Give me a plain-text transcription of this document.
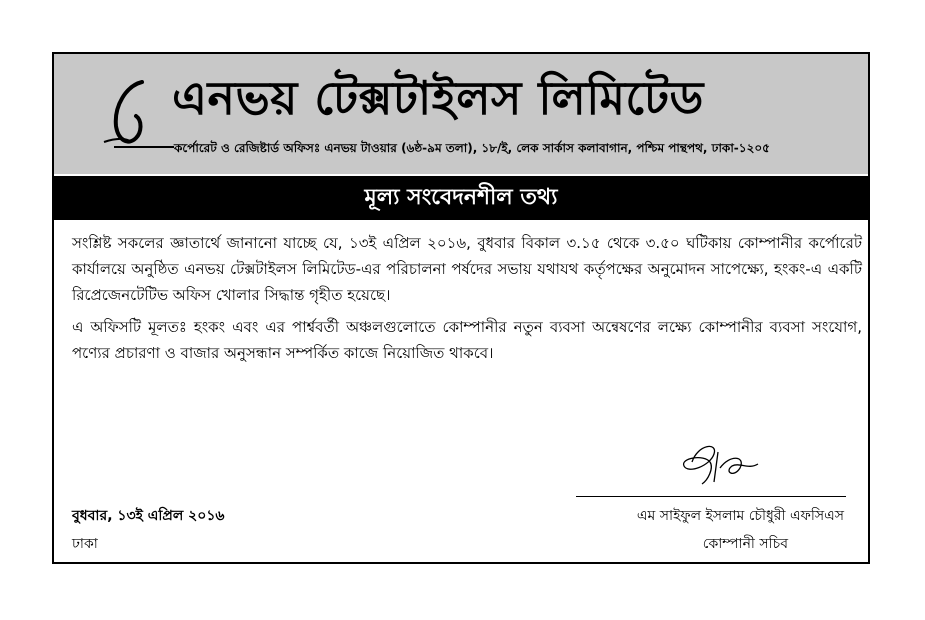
এনভয় টেক্সটাইলস লিমিটেড
কর্পোরেট ও রেজিষ্টার্ড অফিসঃ এনভয় টাওয়ার (৬ষ্ঠ-৯ম তলা), ১৮/ই, লেক সার্কাস কলাবাগান, পশ্চিম পান্থপথ, ঢাকা-১২০৫
মূল্য সংবেদনশীল তথ্য

সংশ্লিষ্ট সকলের জ্ঞাতার্থে জানানো যাচ্ছে যে, ১৩ই এপ্রিল ২০১৬, বুধবার বিকাল ৩.১৫ থেকে ৩.৫০ ঘটিকায় কোম্পানীর কর্পোরেট কার্যালয়ে অনুষ্ঠিত এনভয় টেক্সটাইলস লিমিটেড-এর পরিচালনা পর্ষদের সভায় যথাযথ কর্তৃপক্ষের অনুমোদন সাপেক্ষ্যে, হংকং-এ একটি রিপ্রেজেনটেটিভ অফিস খোলার সিদ্ধান্ত গৃহীত হয়েছে।

এ অফিসটি মূলতঃ হংকং এবং এর পার্শ্ববর্তী অঞ্চলগুলোতে কোম্পানীর নতুন ব্যবসা অন্বেষণের লক্ষ্যে কোম্পানীর ব্যবসা সংযোগ, পণ্যের প্রচারণা ও বাজার অনুসন্ধান সম্পর্কিত কাজে নিয়োজিত থাকবে।

এম সাইফুল ইসলাম চৌধুরী এফসিএস
কোম্পানী সচিব
বুধবার, ১৩ই এপ্রিল ২০১৬
ঢাকা
